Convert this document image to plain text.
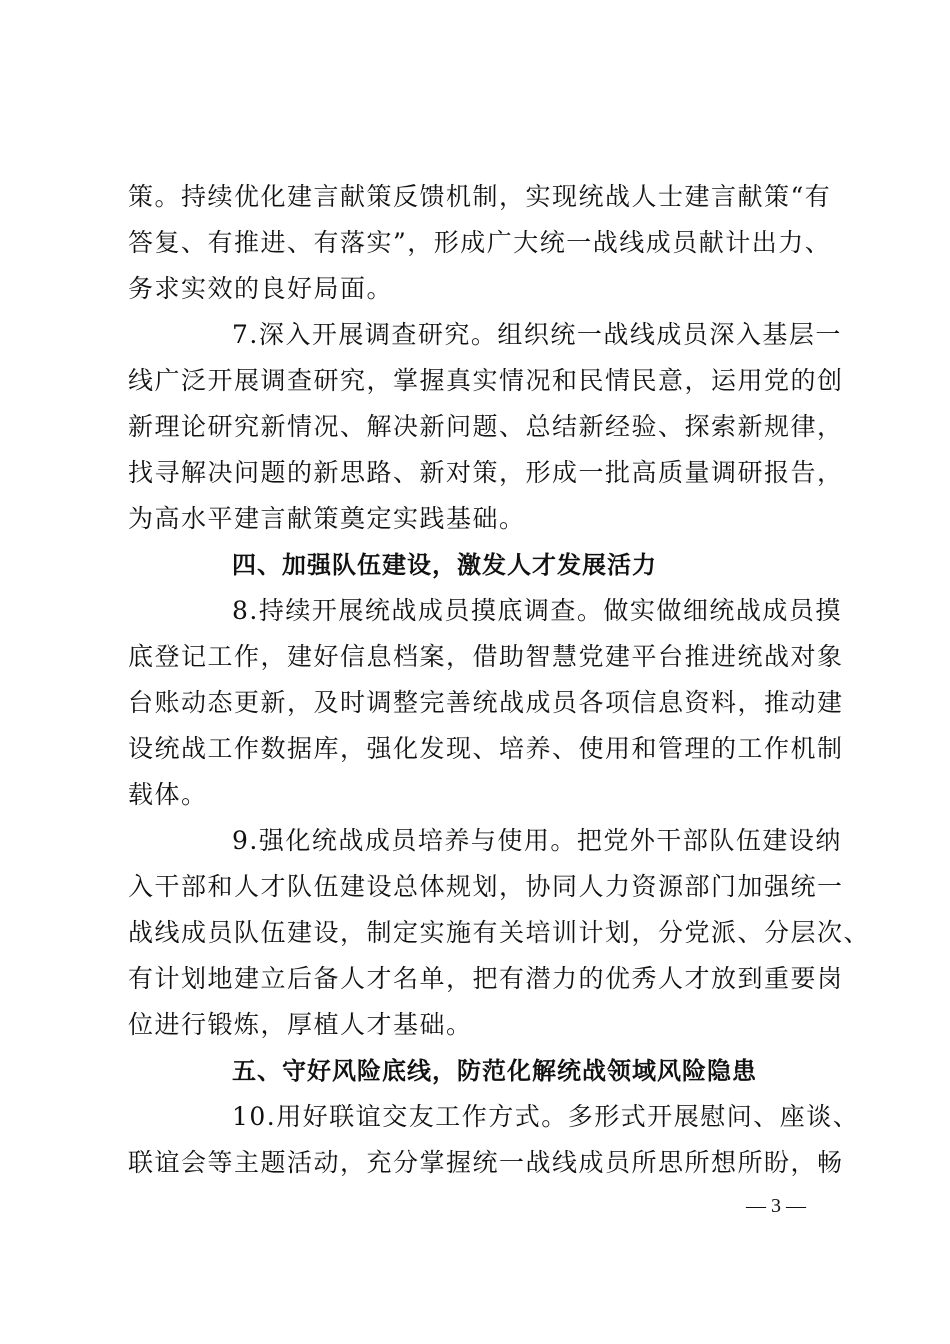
策。持续优化建言献策反馈机制，实现统战人士建言献策“有
答复、有推进、有落实”，形成广大统一战线成员献计出力、
务求实效的良好局面。
7.深入开展调查研究。组织统一战线成员深入基层一
线广泛开展调查研究，掌握真实情况和民情民意，运用党的创
新理论研究新情况、解决新问题、总结新经验、探索新规律，
找寻解决问题的新思路、新对策，形成一批高质量调研报告，
为高水平建言献策奠定实践基础。
四、加强队伍建设，激发人才发展活力
8.持续开展统战成员摸底调查。做实做细统战成员摸
底登记工作，建好信息档案，借助智慧党建平台推进统战对象
台账动态更新，及时调整完善统战成员各项信息资料，推动建
设统战工作数据库，强化发现、培养、使用和管理的工作机制
载体。
9.强化统战成员培养与使用。把党外干部队伍建设纳
入干部和人才队伍建设总体规划，协同人力资源部门加强统一
战线成员队伍建设，制定实施有关培训计划，分党派、分层次、
有计划地建立后备人才名单，把有潜力的优秀人才放到重要岗
位进行锻炼，厚植人才基础。
五、守好风险底线，防范化解统战领域风险隐患
10.用好联谊交友工作方式。多形式开展慰问、座谈、
联谊会等主题活动，充分掌握统一战线成员所思所想所盼，畅
— 3 —
